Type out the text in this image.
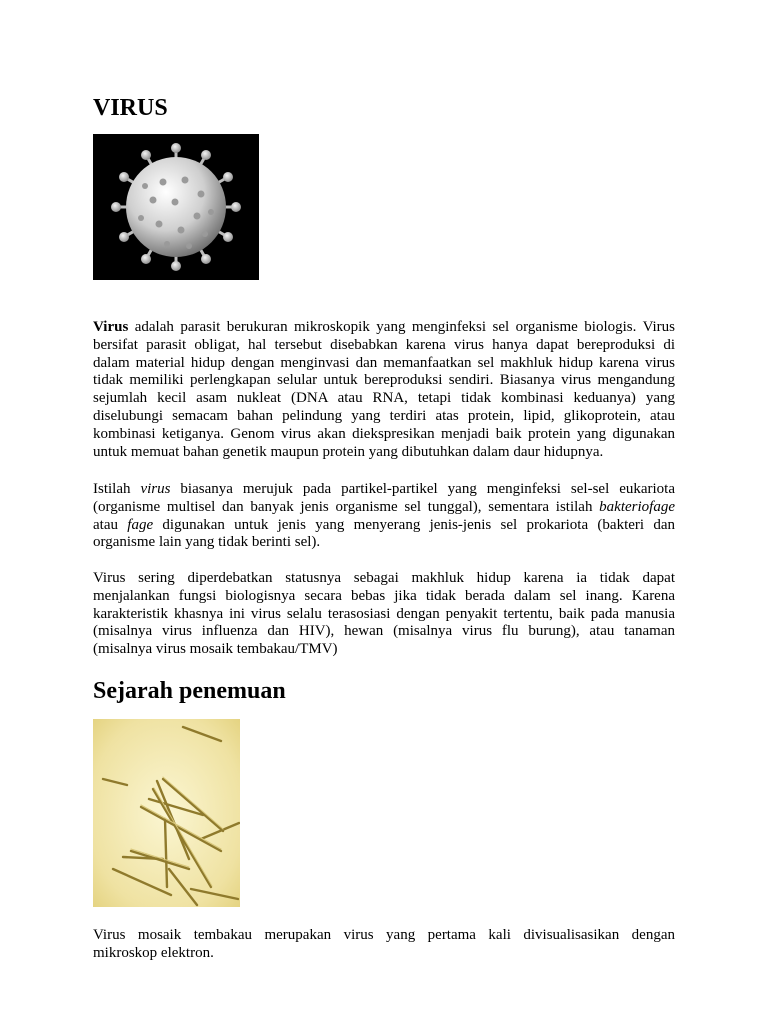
VIRUS

Virus adalah parasit berukuran mikroskopik yang menginfeksi sel organisme biologis. Virus
bersifat parasit obligat, hal tersebut disebabkan karena virus hanya dapat bereproduksi di
dalam material hidup dengan menginvasi dan memanfaatkan sel makhluk hidup karena virus
tidak memiliki perlengkapan selular untuk bereproduksi sendiri. Biasanya virus mengandung
sejumlah kecil asam nukleat (DNA atau RNA, tetapi tidak kombinasi keduanya) yang
diselubungi semacam bahan pelindung yang terdiri atas protein, lipid, glikoprotein, atau
kombinasi ketiganya. Genom virus akan diekspresikan menjadi baik protein yang digunakan
untuk memuat bahan genetik maupun protein yang dibutuhkan dalam daur hidupnya.

Istilah virus biasanya merujuk pada partikel-partikel yang menginfeksi sel-sel eukariota
(organisme multisel dan banyak jenis organisme sel tunggal), sementara istilah bakteriofage
atau fage digunakan untuk jenis yang menyerang jenis-jenis sel prokariota (bakteri dan
organisme lain yang tidak berinti sel).

Virus sering diperdebatkan statusnya sebagai makhluk hidup karena ia tidak dapat
menjalankan fungsi biologisnya secara bebas jika tidak berada dalam sel inang. Karena
karakteristik khasnya ini virus selalu terasosiasi dengan penyakit tertentu, baik pada manusia
(misalnya virus influenza dan HIV), hewan (misalnya virus flu burung), atau tanaman
(misalnya virus mosaik tembakau/TMV)

Sejarah penemuan

Virus mosaik tembakau merupakan virus yang pertama kali divisualisasikan dengan
mikroskop elektron.
